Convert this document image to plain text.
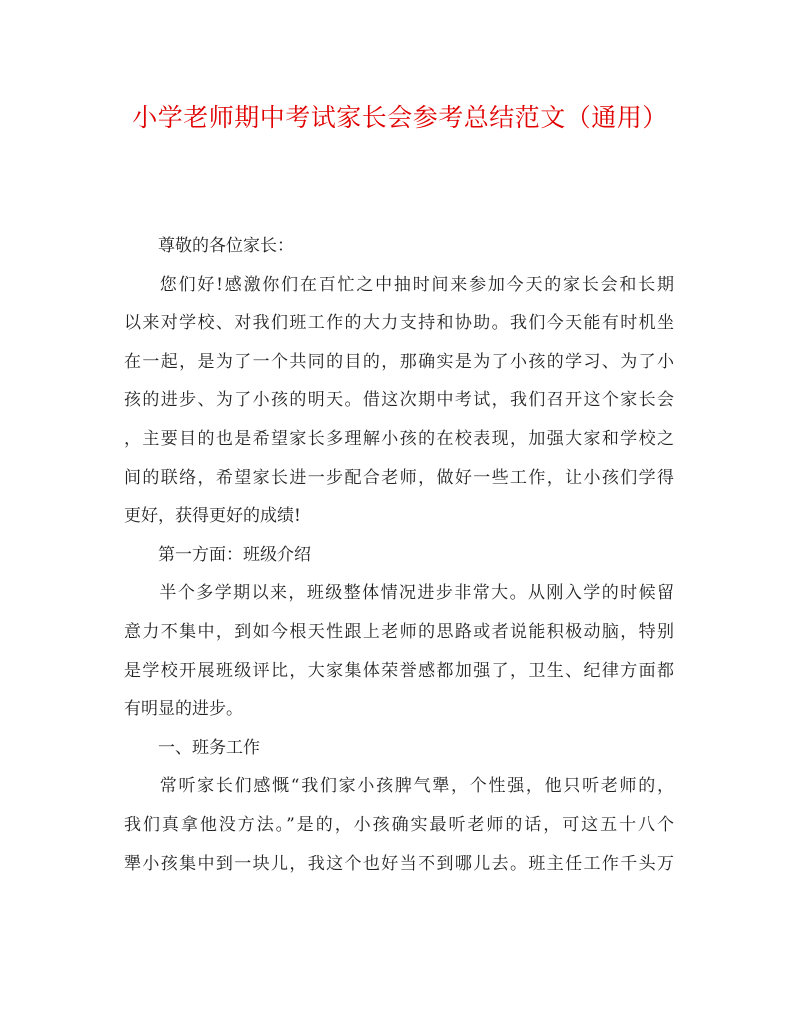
小学老师期中考试家长会参考总结范文（通用）
尊敬的各位家长：
您们好!感激你们在百忙之中抽时间来参加今天的家长会和长期
以来对学校、对我们班工作的大力支持和协助。我们今天能有时机坐
在一起，是为了一个共同的目的，那确实是为了小孩的学习、为了小
孩的进步、为了小孩的明天。借这次期中考试，我们召开这个家长会
，主要目的也是希望家长多理解小孩的在校表现，加强大家和学校之
间的联络，希望家长进一步配合老师，做好一些工作，让小孩们学得
更好，获得更好的成绩!
第一方面：班级介绍
半个多学期以来，班级整体情况进步非常大。从刚入学的时候留
意力不集中，到如今根天性跟上老师的思路或者说能积极动脑，特别
是学校开展班级评比，大家集体荣誉感都加强了，卫生、纪律方面都
有明显的进步。
一、班务工作
常听家长们感慨“我们家小孩脾气犟，个性强，他只听老师的，
我们真拿他没方法。”是的，小孩确实最听老师的话，可这五十八个
犟小孩集中到一块儿，我这个也好当不到哪儿去。班主任工作千头万
